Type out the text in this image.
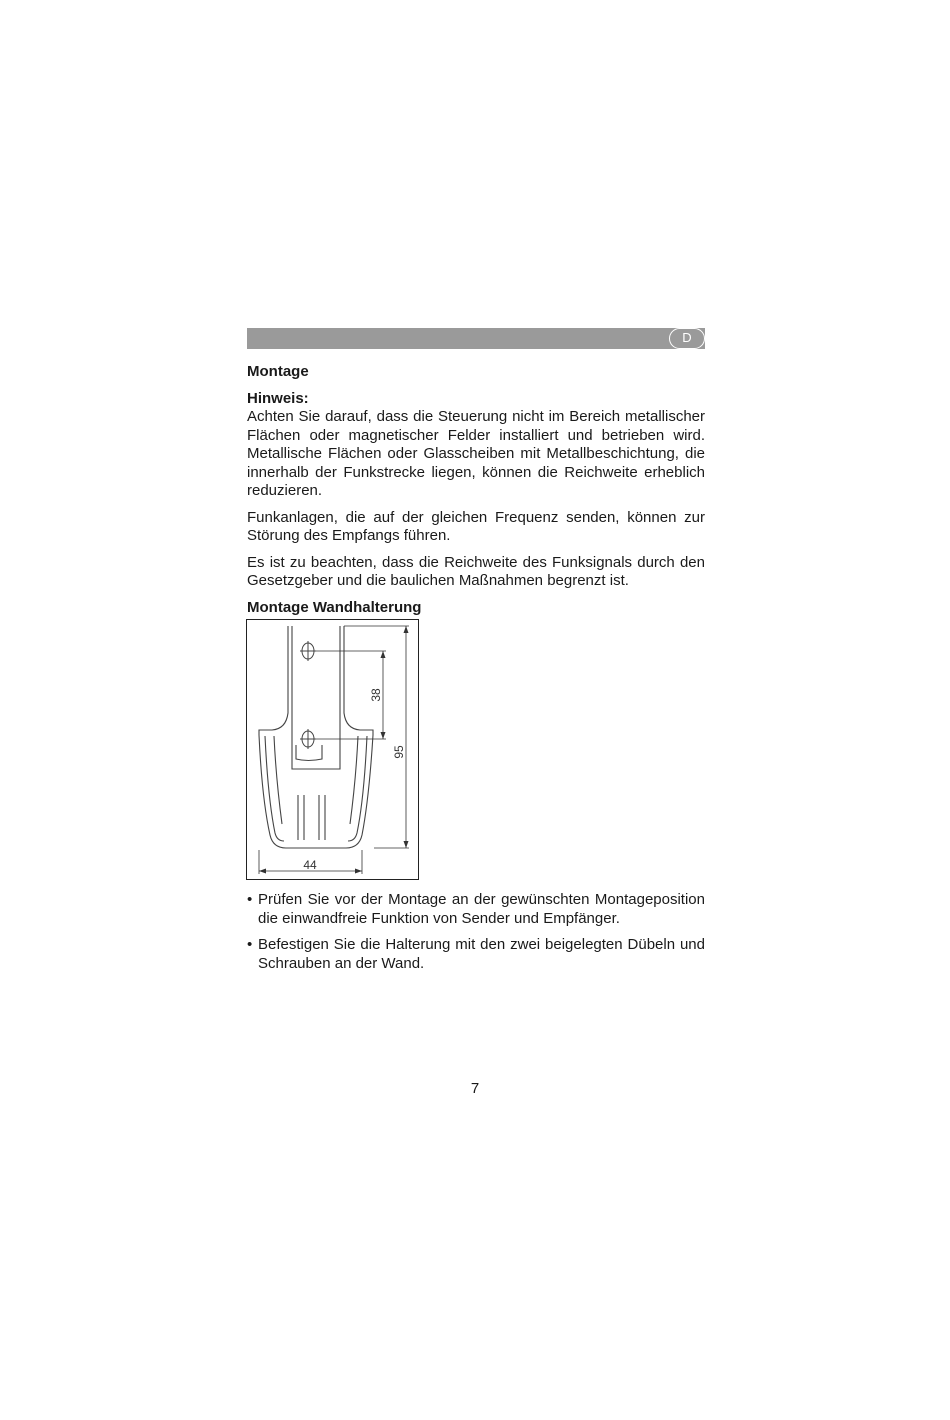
D

Montage

Hinweis:

Achten Sie darauf, dass die Steuerung nicht im Bereich metallischer Flächen oder magnetischer Felder installiert und betrieben wird. Metallische Flächen oder Glasscheiben mit Metallbeschichtung, die innerhalb der Funkstrecke liegen, können die Reichweite erheblich reduzieren.

Funkanlagen, die auf der gleichen Frequenz senden, können zur Störung des Empfangs führen.

Es ist zu beachten, dass die Reichweite des Funksignals durch den Gesetzgeber und die baulichen Maßnahmen begrenzt ist.

Montage Wandhalterung

38
95
44
• Prüfen Sie vor der Montage an der gewünschten Montageposition die einwandfreie Funktion von Sender und Empfänger.
• Befestigen Sie die Halterung mit den zwei beigelegten Dübeln und Schrauben an der Wand.
7
